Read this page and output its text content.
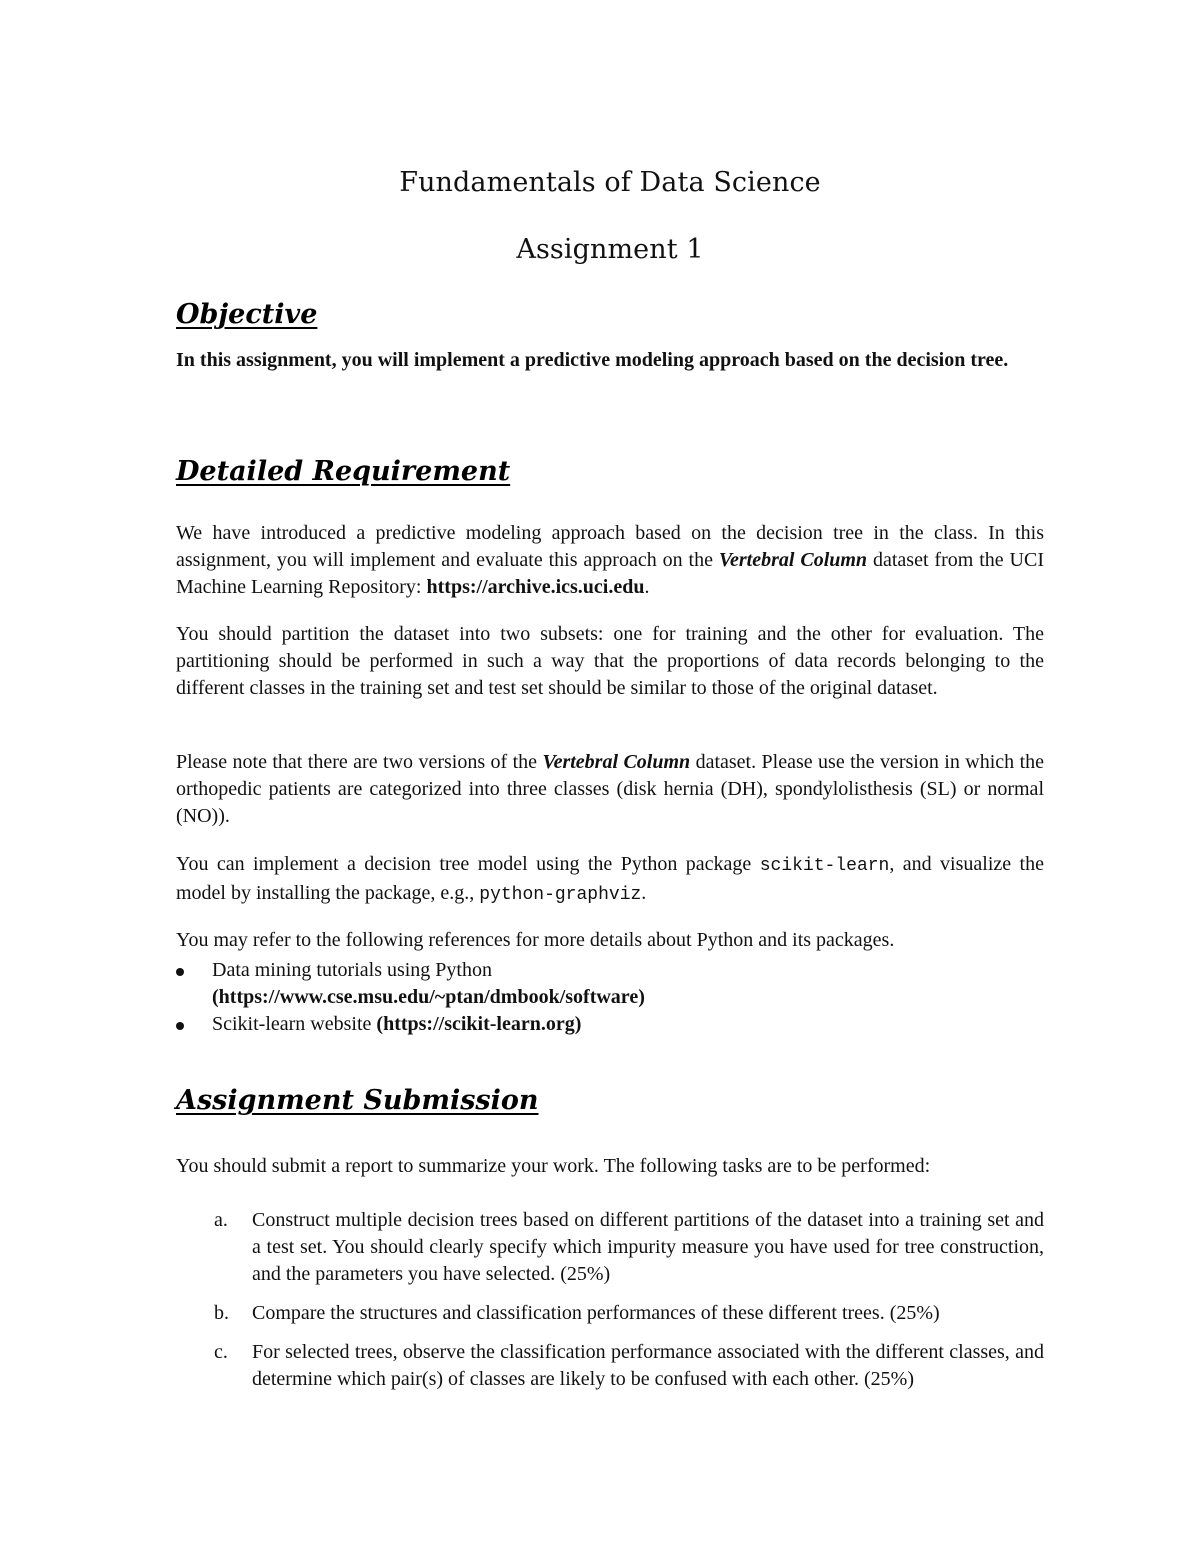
Fundamentals of Data Science
Assignment 1
Objective

In this assignment, you will implement a predictive modeling approach based on the decision tree.

Detailed Requirement

We have introduced a predictive modeling approach based on the decision tree in the class. In this assignment, you will implement and evaluate this approach on the Vertebral Column dataset from the UCI Machine Learning Repository: https://archive.ics.uci.edu.

You should partition the dataset into two subsets: one for training and the other for evaluation. The partitioning should be performed in such a way that the proportions of data records belonging to the different classes in the training set and test set should be similar to those of the original dataset.

Please note that there are two versions of the Vertebral Column dataset. Please use the version in which the orthopedic patients are categorized into three classes (disk hernia (DH), spondylolisthesis (SL) or normal (NO)).

You can implement a decision tree model using the Python package scikit-learn, and visualize the model by installing the package, e.g., python-graphviz.

You may refer to the following references for more details about Python and its packages.

Data mining tutorials using Python
(https://www.cse.msu.edu/~ptan/dmbook/software)
Scikit-learn website (https://scikit-learn.org)
Assignment Submission

You should submit a report to summarize your work. The following tasks are to be performed:

a. Construct multiple decision trees based on different partitions of the dataset into a training set and a test set. You should clearly specify which impurity measure you have used for tree construction, and the parameters you have selected. (25%)
b. Compare the structures and classification performances of these different trees. (25%)
c. For selected trees, observe the classification performance associated with the different classes, and determine which pair(s) of classes are likely to be confused with each other. (25%)
